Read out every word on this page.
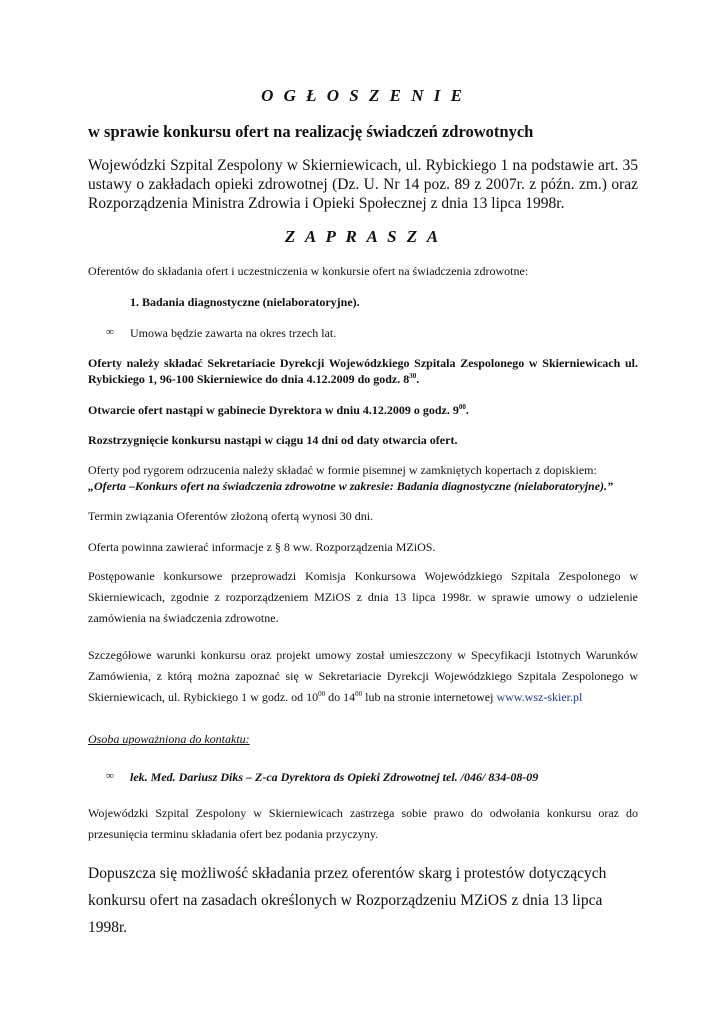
O G Ł O S Z E N I E
w sprawie konkursu ofert na realizację świadczeń zdrowotnych
Wojewódzki Szpital Zespolony w Skierniewicach, ul. Rybickiego 1 na podstawie art. 35 ustawy o zakładach opieki zdrowotnej (Dz. U. Nr 14 poz. 89 z 2007r. z późn. zm.) oraz Rozporządzenia Ministra Zdrowia i Opieki Społecznej z dnia 13 lipca 1998r.
Z A P R A S Z A
Oferentów do składania ofert i uczestniczenia w konkursie ofert na świadczenia zdrowotne:
1. Badania diagnostyczne (nielaboratoryjne).
∞ Umowa będzie zawarta na okres trzech lat.
Oferty należy składać Sekretariacie Dyrekcji Wojewódzkiego Szpitala Zespolonego w Skierniewicach ul. Rybickiego 1, 96-100 Skierniewice do dnia 4.12.2009 do godz. $8^{30}$.
Otwarcie ofert nastąpi w gabinecie Dyrektora w dniu 4.12.2009 o godz. $9^{00}$.
Rozstrzygnięcie konkursu nastąpi w ciągu 14 dni od daty otwarcia ofert.
Oferty pod rygorem odrzucenia należy składać w formie pisemnej w zamkniętych kopertach z dopiskiem:
„Oferta –Konkurs ofert na świadczenia zdrowotne w zakresie: Badania diagnostyczne (nielaboratoryjne).”
Termin związania Oferentów złożoną ofertą wynosi 30 dni.
Oferta powinna zawierać informacje z § 8 ww. Rozporządzenia MZiOS.
Postępowanie konkursowe przeprowadzi Komisja Konkursowa Wojewódzkiego Szpitala Zespolonego w Skierniewicach, zgodnie z rozporządzeniem MZiOS z dnia 13 lipca 1998r. w sprawie umowy o udzielenie zamówienia na świadczenia zdrowotne.
Szczegółowe warunki konkursu oraz projekt umowy został umieszczony w Specyfikacji Istotnych Warunków Zamówienia, z którą można zapoznać się w Sekretariacie Dyrekcji Wojewódzkiego Szpitala Zespolonego w Skierniewicach, ul. Rybickiego 1 w godz. od $10^{00}$ do $14^{00}$ lub na stronie internetowej www.wsz-skier.pl
Osoba upoważniona do kontaktu:
∞ lek. Med. Dariusz Diks – Z-ca Dyrektora ds Opieki Zdrowotnej tel. /046/ 834-08-09
Wojewódzki Szpital Zespolony w Skierniewicach zastrzega sobie prawo do odwołania konkursu oraz do przesunięcia terminu składania ofert bez podania przyczyny.
Dopuszcza się możliwość składania przez oferentów skarg i protestów dotyczących konkursu ofert na zasadach określonych w Rozporządzeniu MZiOS z dnia 13 lipca 1998r.
